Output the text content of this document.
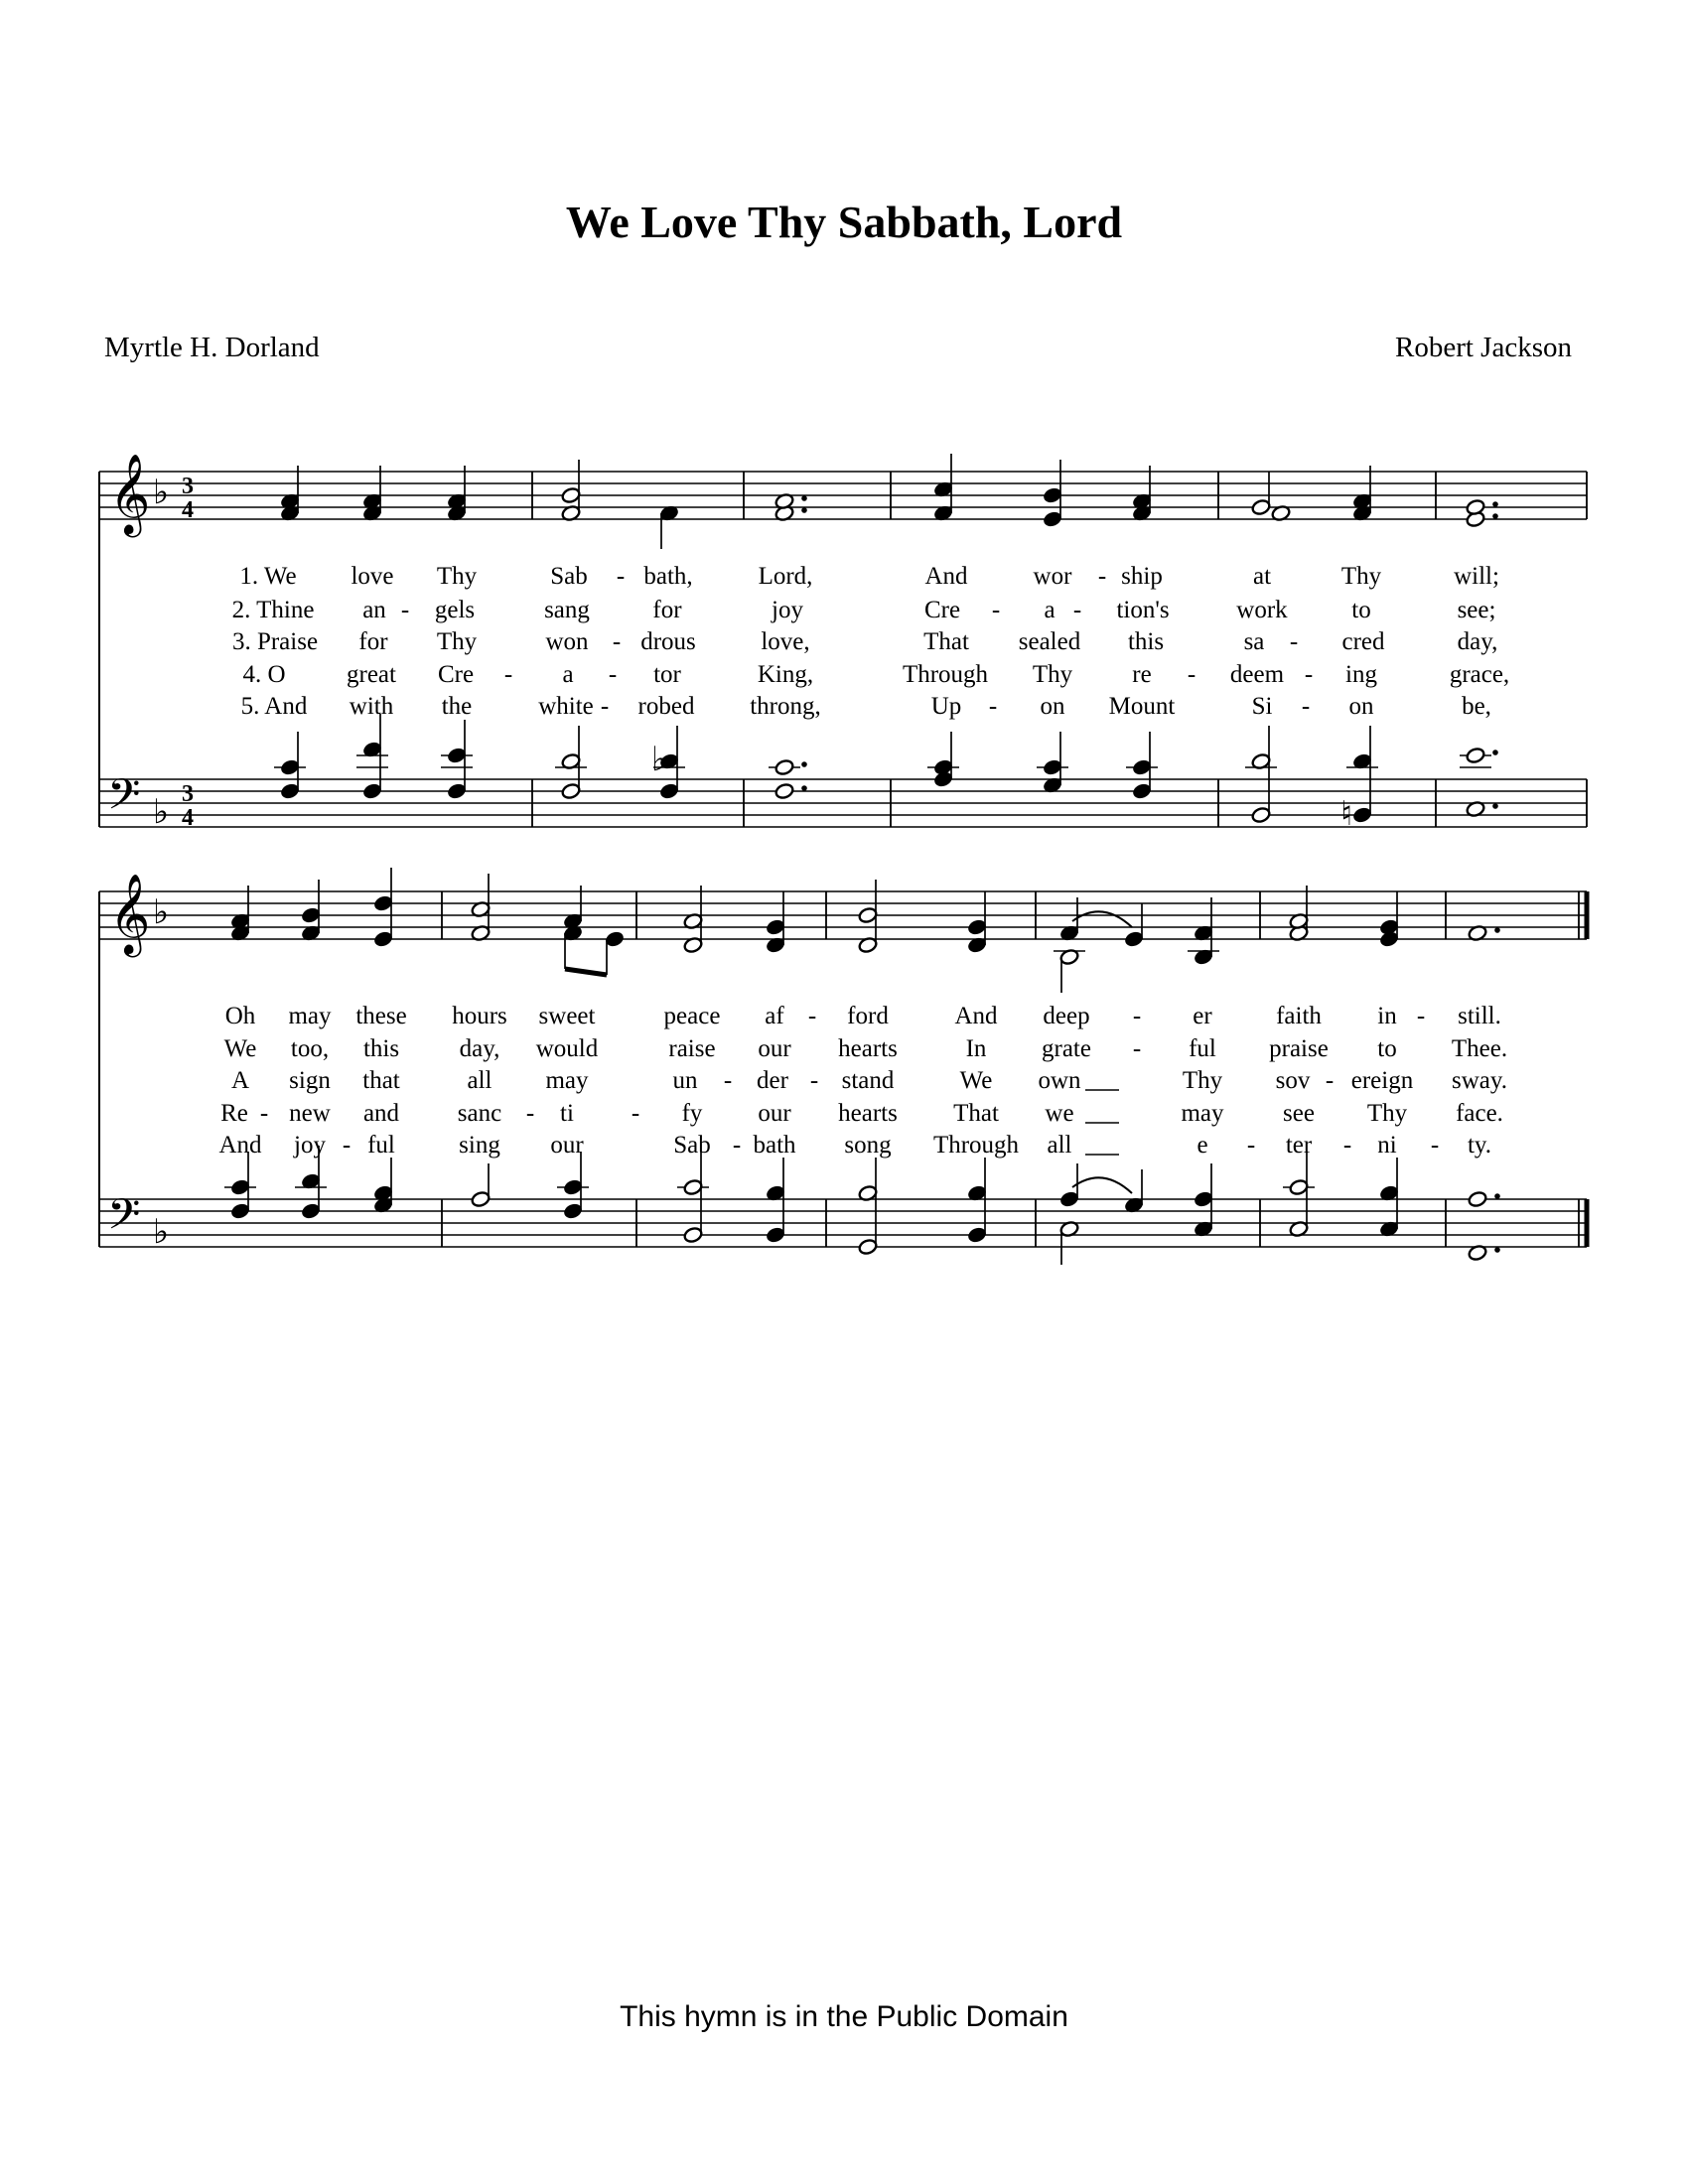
We Love Thy Sabbath, Lord
Myrtle H. Dorland	Robert Jackson
𝄞
𝄢
♭
♭
3
4
3
4
♭
♮
𝄞
𝄢
♭
♭
1. We love Thy	Sab - bath,	Lord,	And	wor - ship	at	Thy	will;
2. Thine an - gels	sang	for	joy	Cre - a - tion's	work	to	see;
3. Praise for Thy	won - drous	love,	That sealed this	sa - cred	day,
4. O great Cre - a - tor	King,	Through Thy re - deem - ing	grace,
5. And with the	white - robed throng,	Up - on Mount	Si - on	be,
Oh may these hours sweet	peace af - ford	And deep - er	faith in - still.
We too, this day, would	raise our hearts	In grate - ful praise to Thee.
A sign that	all may	un - der - stand	We own	Thy sov - ereign sway.
Re - new and sanc - ti - fy our hearts That we	may see Thy face.
And joy - ful	sing our	Sab - bath song Through all	e - ter - ni - ty.
This hymn is in the Public Domain
